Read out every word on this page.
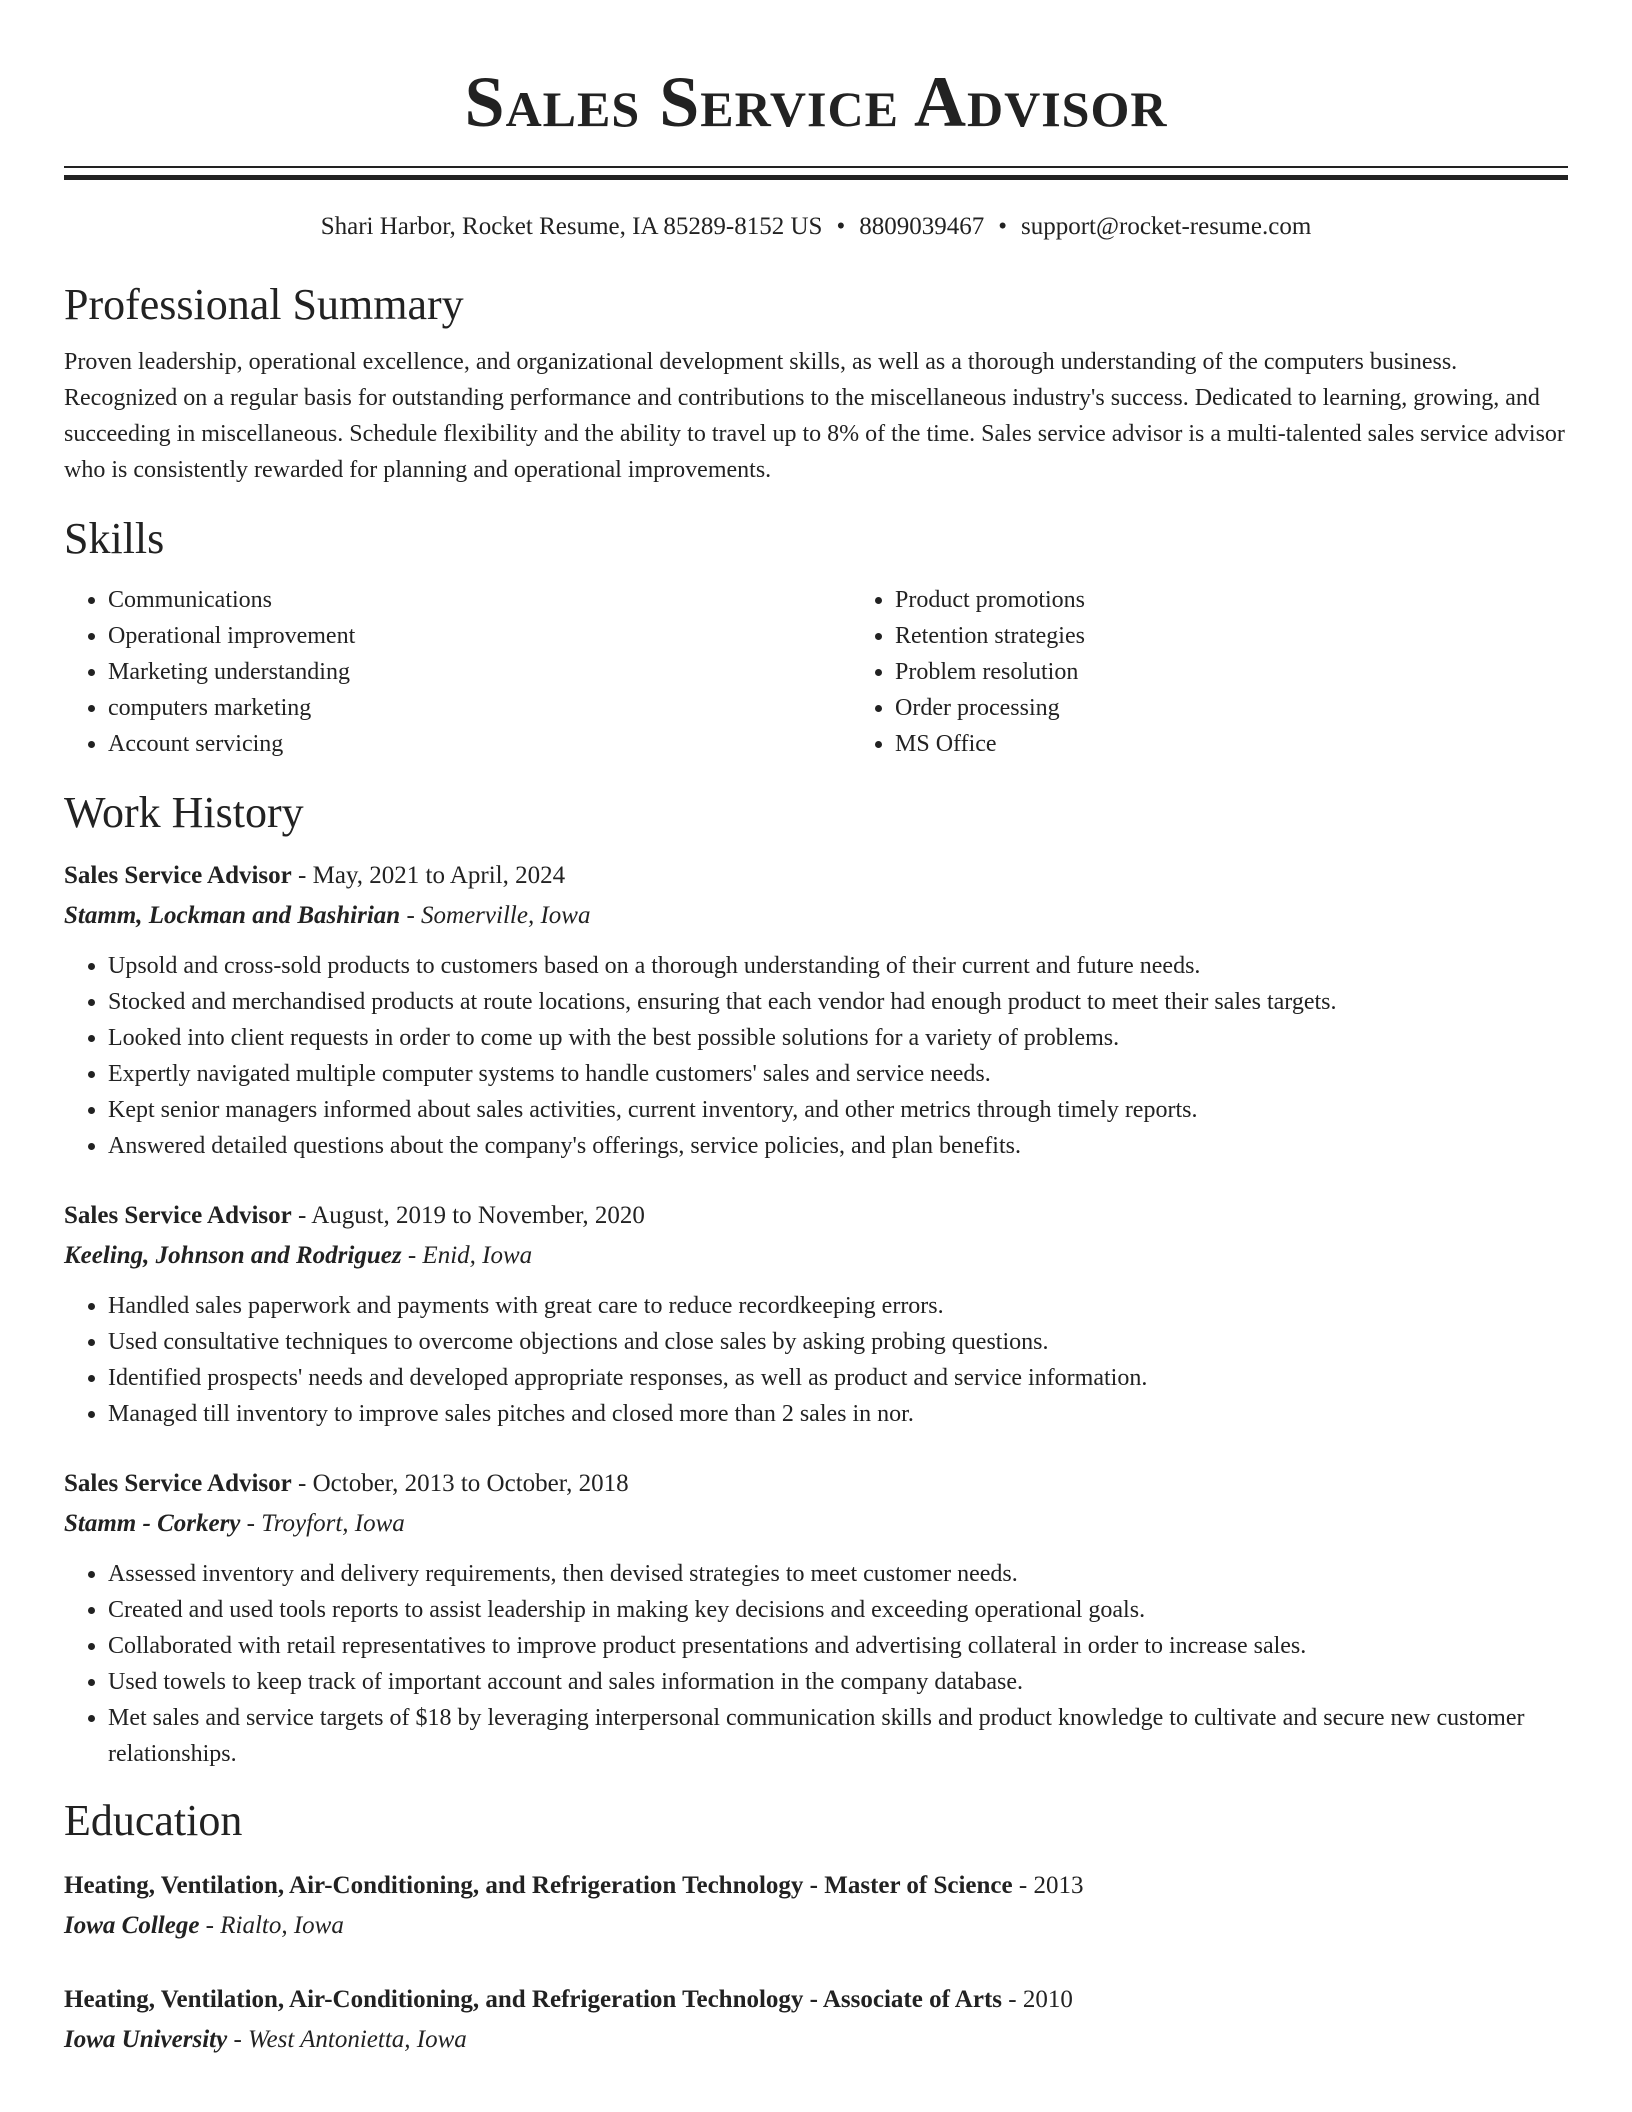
Sales Service Advisor
Shari Harbor, Rocket Resume, IA 85289-8152 US • 8809039467 • support@rocket-resume.com
Professional Summary

Proven leadership, operational excellence, and organizational development skills, as well as a thorough understanding of the computers business. Recognized on a regular basis for outstanding performance and contributions to the miscellaneous industry's success. Dedicated to learning, growing, and succeeding in miscellaneous. Schedule flexibility and the ability to travel up to 8% of the time. Sales service advisor is a multi-talented sales service advisor who is consistently rewarded for planning and operational improvements.

Skills
• Communications
• Operational improvement
• Marketing understanding
• computers marketing
• Account servicing
• Product promotions
• Retention strategies
• Problem resolution
• Order processing
• MS Office
Work History

Sales Service Advisor - May, 2021 to April, 2024

Stamm, Lockman and Bashirian - Somerville, Iowa

• Upsold and cross-sold products to customers based on a thorough understanding of their current and future needs.
• Stocked and merchandised products at route locations, ensuring that each vendor had enough product to meet their sales targets.
• Looked into client requests in order to come up with the best possible solutions for a variety of problems.
• Expertly navigated multiple computer systems to handle customers' sales and service needs.
• Kept senior managers informed about sales activities, current inventory, and other metrics through timely reports.
• Answered detailed questions about the company's offerings, service policies, and plan benefits.

Sales Service Advisor - August, 2019 to November, 2020

Keeling, Johnson and Rodriguez - Enid, Iowa

• Handled sales paperwork and payments with great care to reduce recordkeeping errors.
• Used consultative techniques to overcome objections and close sales by asking probing questions.
• Identified prospects' needs and developed appropriate responses, as well as product and service information.
• Managed till inventory to improve sales pitches and closed more than 2 sales in nor.

Sales Service Advisor - October, 2013 to October, 2018

Stamm - Corkery - Troyfort, Iowa

• Assessed inventory and delivery requirements, then devised strategies to meet customer needs.
• Created and used tools reports to assist leadership in making key decisions and exceeding operational goals.
• Collaborated with retail representatives to improve product presentations and advertising collateral in order to increase sales.
• Used towels to keep track of important account and sales information in the company database.
• Met sales and service targets of $18 by leveraging interpersonal communication skills and product knowledge to cultivate and secure new customer relationships.
Education

Heating, Ventilation, Air-Conditioning, and Refrigeration Technology - Master of Science - 2013

Iowa College - Rialto, Iowa

Heating, Ventilation, Air-Conditioning, and Refrigeration Technology - Associate of Arts - 2010

Iowa University - West Antonietta, Iowa
